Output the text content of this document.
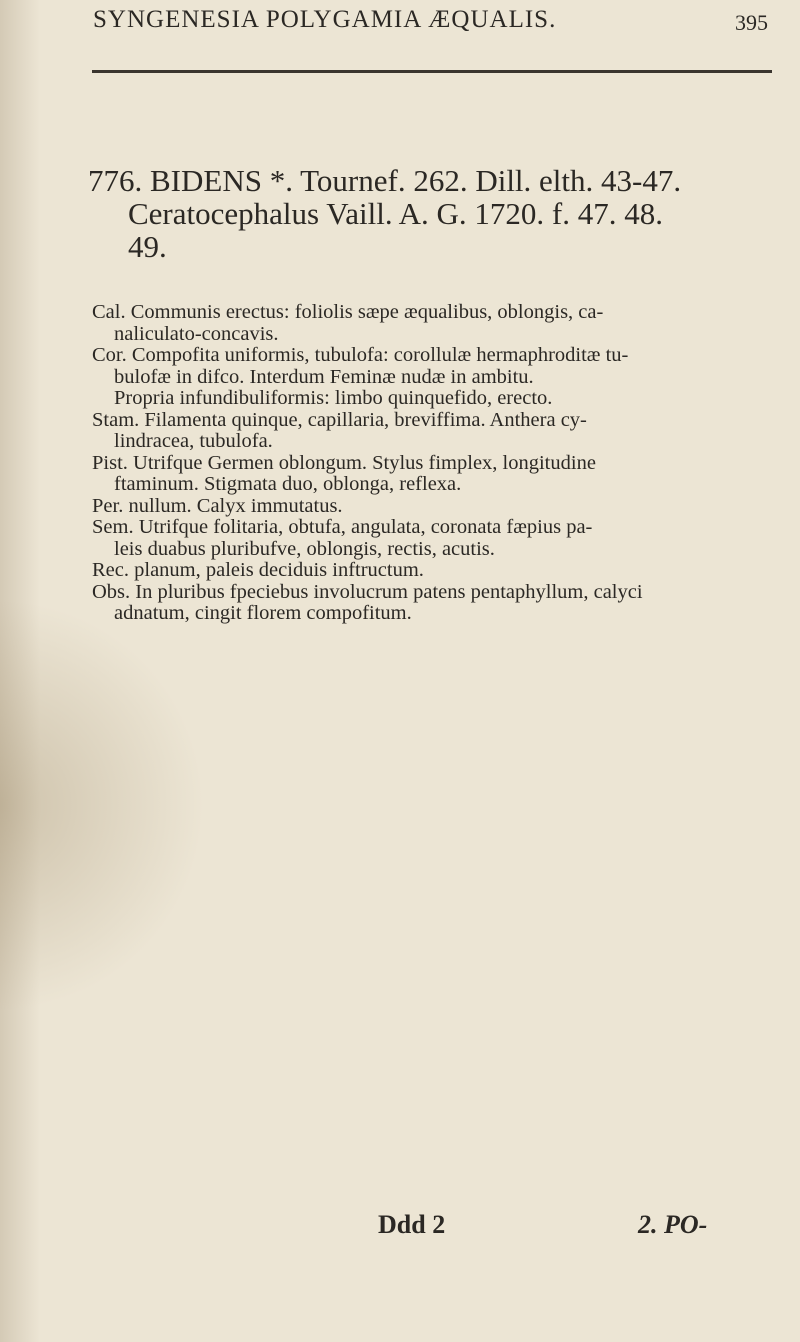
SYNGENESIA POLYGAMIA ÆQUALIS.	395

776. BIDENS *. Tournef. 262. Dill. elth. 43-47.

Ceratocephalus Vaill. A. G. 1720. f. 47. 48.

49.

Cal. Communis erectus: foliolis sæpe æqualibus, oblongis, ca-

naliculato-concavis.

Cor. Compofita uniformis, tubulofa: corollulæ hermaphroditæ tu-

bulofæ in difco. Interdum Feminæ nudæ in ambitu.

Propria infundibuliformis: limbo quinquefido, erecto.

Stam. Filamenta quinque, capillaria, breviffima. Anthera cy-

lindracea, tubulofa.

Pist. Utrifque Germen oblongum. Stylus fimplex, longitudine

ftaminum. Stigmata duo, oblonga, reflexa.

Per. nullum. Calyx immutatus.

Sem. Utrifque folitaria, obtufa, angulata, coronata fæpius pa-

leis duabus pluribufve, oblongis, rectis, acutis.

Rec. planum, paleis deciduis inftructum.

Obs. In pluribus fpeciebus involucrum patens pentaphyllum, calyci

adnatum, cingit florem compofitum.

Ddd 2	2. PO-
